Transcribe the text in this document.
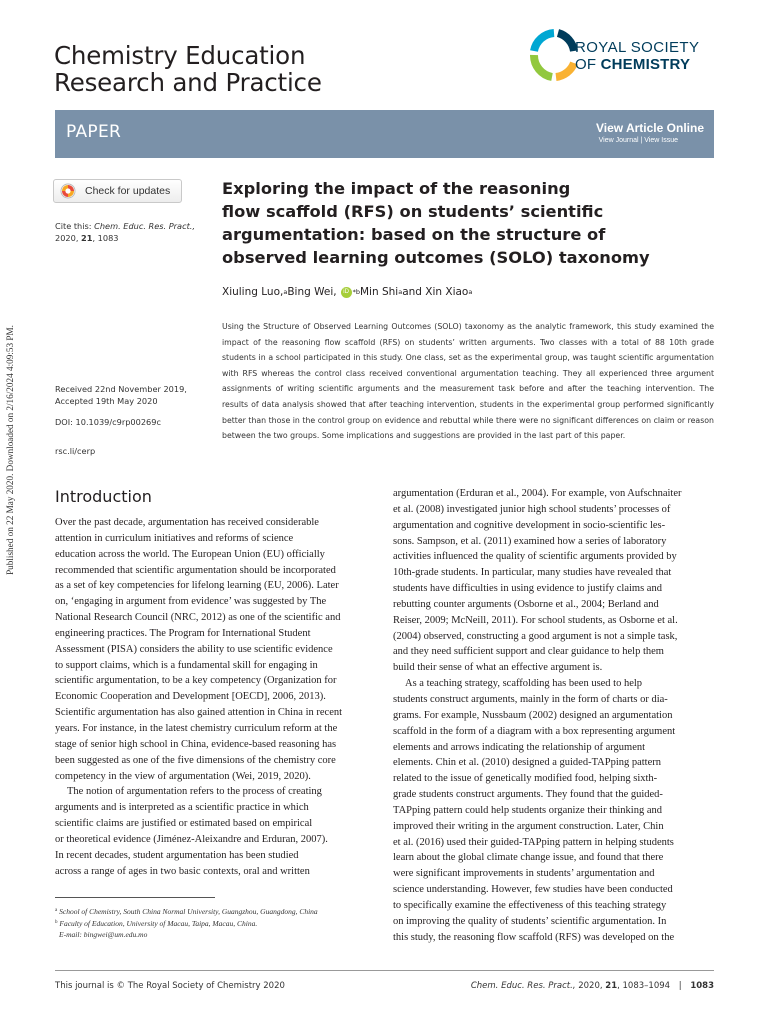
Published on 22 May 2020. Downloaded on 2/16/2024 4:09:53 PM.
Chemistry Education
Research and Practice
ROYAL SOCIETY
OF CHEMISTRY
PAPER	View Article Online
View Journal | View Issue
Check for updates
Cite this: Chem. Educ. Res. Pract.,
2020, 21, 1083
Received 22nd November 2019,
Accepted 19th May 2020
DOI: 10.1039/c9rp00269c
rsc.li/cerp
Exploring the impact of the reasoning
flow scaffold (RFS) on students’ scientific
argumentation: based on the structure of
observed learning outcomes (SOLO) taxonomy
Xiuling Luo, a Bing Wei,	iD *b Min Shi a and Xin Xiao a
Using the Structure of Observed Learning Outcomes (SOLO) taxonomy as the analytic framework, this study examined the impact of the reasoning flow scaffold (RFS) on students’ written arguments. Two classes with a total of 88 10th grade students in a school participated in this study. One class, set as the experimental group, was taught scientific argumentation with RFS whereas the control class received conventional argumentation teaching. They all experienced three argument assignments of writing scientific arguments and the measurement task before and after the teaching intervention. The results of data analysis showed that after teaching intervention, students in the experimental group performed significantly better than those in the control group on evidence and rebuttal while there were no significant differences on claim or reason between the two groups. Some implications and suggestions are provided in the last part of this paper.
Introduction

Over the past decade, argumentation has received considerable
attention in curriculum initiatives and reforms of science
education across the world. The European Union (EU) officially
recommended that scientific argumentation should be incorporated
as a set of key competencies for lifelong learning (EU, 2006). Later
on, ‘engaging in argument from evidence’ was suggested by The
National Research Council (NRC, 2012) as one of the scientific and
engineering practices. The Program for International Student
Assessment (PISA) considers the ability to use scientific evidence
to support claims, which is a fundamental skill for engaging in
scientific argumentation, to be a key competency (Organization for
Economic Cooperation and Development [OECD], 2006, 2013).
Scientific argumentation has also gained attention in China in recent
years. For instance, in the latest chemistry curriculum reform at the
stage of senior high school in China, evidence-based reasoning has
been suggested as one of the five dimensions of the chemistry core
competency in the view of argumentation (Wei, 2019, 2020).

The notion of argumentation refers to the process of creating
arguments and is interpreted as a scientific practice in which
scientific claims are justified or estimated based on empirical
or theoretical evidence (Jiménez-Aleixandre and Erduran, 2007).
In recent decades, student argumentation has been studied
across a range of ages in two basic contexts, oral and written

argumentation (Erduran et al., 2004). For example, von Aufschnaiter
et al. (2008) investigated junior high school students’ processes of
argumentation and cognitive development in socio-scientific les-
sons. Sampson, et al. (2011) examined how a series of laboratory
activities influenced the quality of scientific arguments provided by
10th-grade students. In particular, many studies have revealed that
students have difficulties in using evidence to justify claims and
rebutting counter arguments (Osborne et al., 2004; Berland and
Reiser, 2009; McNeill, 2011). For school students, as Osborne et al.
(2004) observed, constructing a good argument is not a simple task,
and they need sufficient support and clear guidance to help them
build their sense of what an effective argument is.

As a teaching strategy, scaffolding has been used to help
students construct arguments, mainly in the form of charts or dia-
grams. For example, Nussbaum (2002) designed an argumentation
scaffold in the form of a diagram with a box representing argument
elements and arrows indicating the relationship of argument
elements. Chin et al. (2010) designed a guided-TAPping pattern
related to the issue of genetically modified food, helping sixth-
grade students construct arguments. They found that the guided-
TAPping pattern could help students organize their thinking and
improved their writing in the argument construction. Later, Chin
et al. (2016) used their guided-TAPping pattern in helping students
learn about the global climate change issue, and found that there
were significant improvements in students’ argumentation and
science understanding. However, few studies have been conducted
to specifically examine the effectiveness of this teaching strategy
on improving the quality of students’ scientific argumentation. In
this study, the reasoning flow scaffold (RFS) was developed on the

$^a$ School of Chemistry, South China Normal University, Guangzhou, Guangdong, China
$^b$ Faculty of Education, University of Macau, Taipa, Macau, China.
E-mail: bingwei@um.edu.mo
This journal is © The Royal Society of Chemistry 2020	Chem. Educ. Res. Pract., 2020, 21, 1083–1094 | 1083
